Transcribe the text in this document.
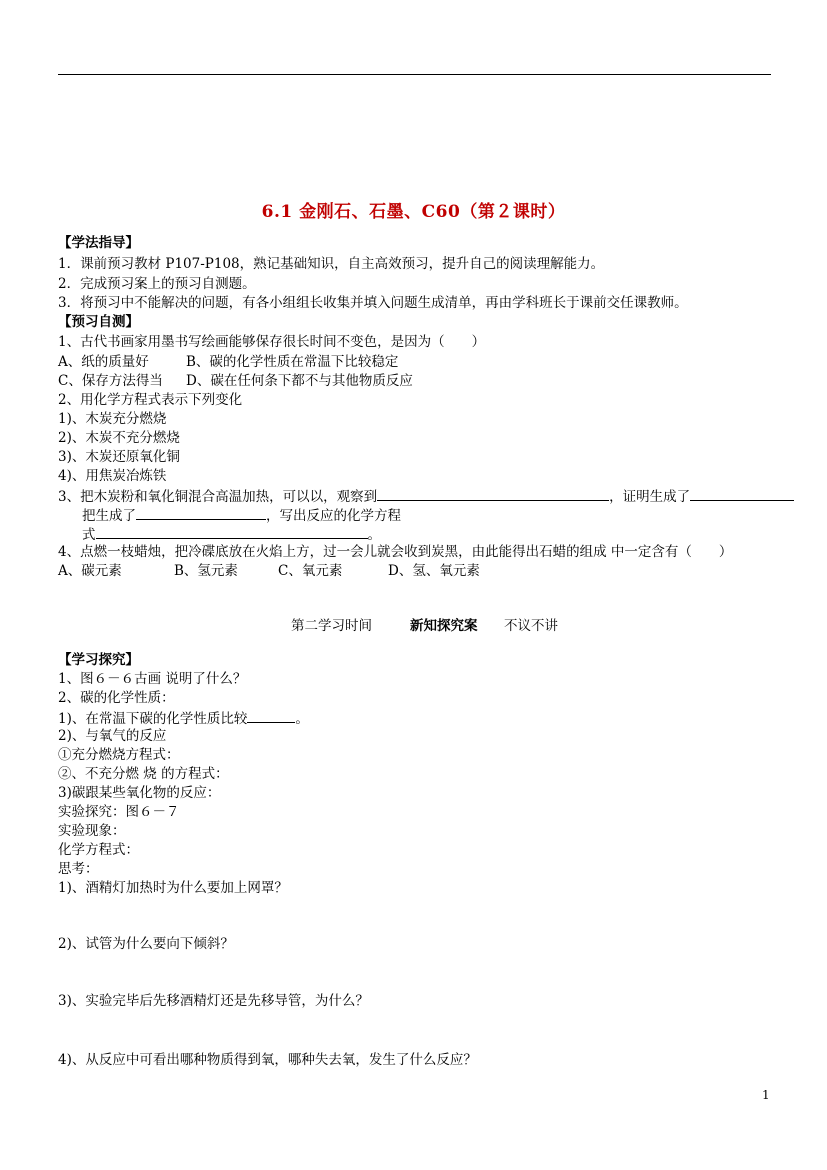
6.1 金刚石、石墨、C60（第２课时）
【学法指导】
1．课前预习教材 P107-P108，熟记基础知识，自主高效预习，提升自己的阅读理解能力。
2．完成预习案上的预习自测题。
3．将预习中不能解决的问题，有各小组组长收集并填入问题生成清单，再由学科班长于课前交任课教师。
【预习自测】
1、古代书画家用墨书写绘画能够保存很长时间不变色，是因为（　　）
A、纸的质量好	B、碳的化学性质在常温下比较稳定
C、保存方法得当 D、碳在任何条下都不与其他物质反应
2、用化学方程式表示下列变化
1)、木炭充分燃烧
2)、木炭不充分燃烧
3)、木炭还原氧化铜
4)、用焦炭冶炼铁
3、把木炭粉和氧化铜混合高温加热，可以以，观察到	，证明生成了
把生成了	，写出反应的化学方程
式	。
4、点燃一枝蜡烛，把冷碟底放在火焰上方，过一会儿就会收到炭黑，由此能得出石蜡的组成 中一定含有（　　）
A、碳元素	B、氢元素	C、氧元素	D、氢、氧元素
第二学习时间	新知探究案 不议不讲
【学习探究】
1、图６－６古画 说明了什么？
2、碳的化学性质：
1)、在常温下碳的化学性质比较	。
2)、与氧气的反应
①充分燃烧方程式：
②、不充分燃 烧 的方程式：
3)碳跟某些氧化物的反应：
实验探究：图６－７
实验现象：
化学方程式：
思考：
1)、酒精灯加热时为什么要加上网罩？
2)、试管为什么要向下倾斜？
3)、实验完毕后先移酒精灯还是先移导管，为什么？
4)、从反应中可看出哪种物质得到氧，哪种失去氧，发生了什么反应？
1
